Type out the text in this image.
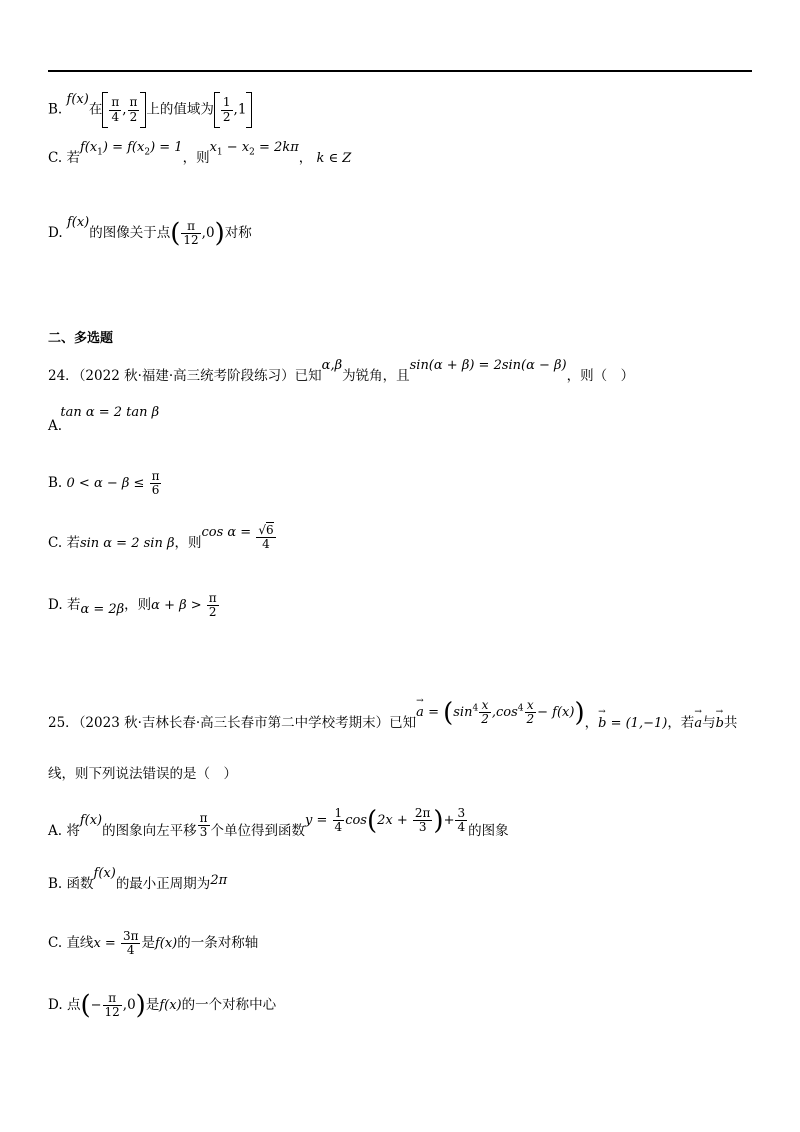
B. f(x)在 $\frac{\pi}{4}$ , $\frac{\pi}{2}$ 上的值域为 $\frac{1}{2} ,1$
C. 若$f(x_1) = f(x_2) = 1$，则$x_1 - x_2 = 2k\pi$， k ∈ Z
D. f(x)的图像关于点( $\frac{\pi}{12} ,0$)对称
二、多选题
24．（2022 秋·福建·高三统考阶段练习）已知α,β为锐角，且sin(α + β) = 2sin(α − β)，则（　）
A. tan α = 2 tan β
B. $0 < \alpha - \beta \le \frac{\pi}{6}$
C. 若sin α = 2 sin β，则$\cos \alpha = \frac{√6}{4}$
D. 若α = 2β，则$\alpha + \beta > \frac{\pi}{2}$
25．（2023 秋·吉林长春·高三长春市第二中学校考期末）已知→ $a = (\sin^4 \frac{x}{2} ,\cos^4 \frac{x}{2} - f(x))$，→ b = (1,−1)，若→ a与→ b共
线，则下列说法错误的是（　）
A. 将f(x)的图象向左平移 $\frac{\pi}{3}$ 个单位得到函数$y = \frac{1}{4} \cos(2x + \frac{2\pi}{3}$ )+ $\frac{3}{4}$ 的图象
B. 函数f(x)的最小正周期为2π
C. 直线$x = \frac{3\pi}{4}$ 是f(x)的一条对称轴
D. 点(− $\frac{\pi}{12} ,0$)是f(x)的一个对称中心
